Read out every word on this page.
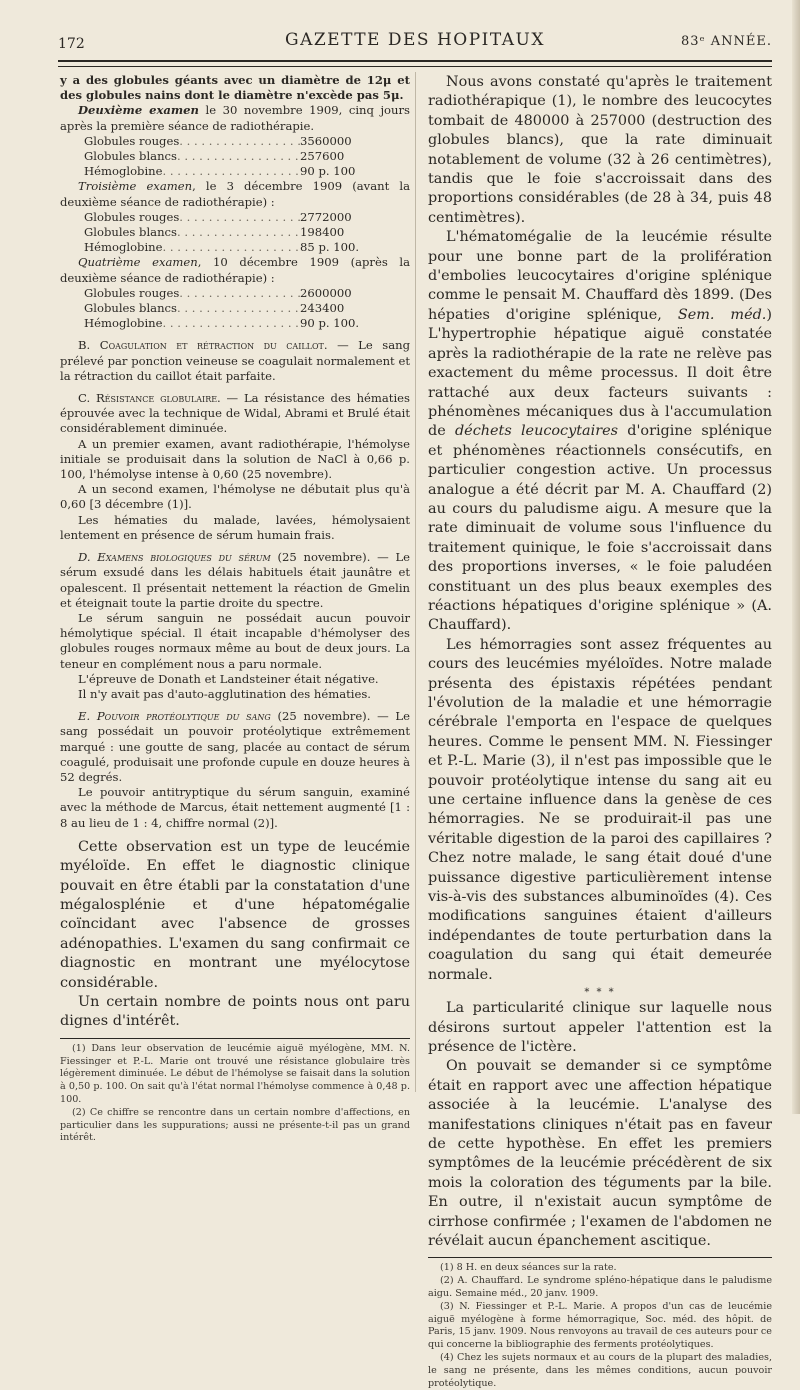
172	GAZETTE DES HOPITAUX	83ᵉ ANNÉE.

y a des globules géants avec un diamètre de 12μ et des globules nains dont le diamètre n'excède pas 5μ.

Deuxième examen le 30 novembre 1909, cinq jours après la première séance de radiothérapie.

Globules rouges . . .	3560000
Globules blancs . . .	257600
Hémoglobine . . .	90 p. 100

Troisième examen, le 3 décembre 1909 (avant la deuxième séance de radiothérapie) :

Globules rouges . . .	2772000
Globules blancs . . .	198400
Hémoglobine . . .	85 p. 100.

Quatrième examen, 10 décembre 1909 (après la deuxième séance de radiothérapie) :

Globules rouges . . .	2600000
Globules blancs . . .	243400
Hémoglobine . . .	90 p. 100.

B. Coagulation et rétraction du caillot. — Le sang prélevé par ponction veineuse se coagulait normalement et la rétraction du caillot était parfaite.

C. Résistance globulaire. — La résistance des hématies éprouvée avec la technique de Widal, Abrami et Brulé était considérablement diminuée.

A un premier examen, avant radiothérapie, l'hémolyse initiale se produisait dans la solution de NaCl à 0,66 p. 100, l'hémolyse intense à 0,60 (25 novembre).

A un second examen, l'hémolyse ne débutait plus qu'à 0,60 [3 décembre (1)].

Les hématies du malade, lavées, hémolysaient lentement en présence de sérum humain frais.

D. Examens biologiques du sérum (25 novembre). — Le sérum exsudé dans les délais habituels était jaunâtre et opalescent. Il présentait nettement la réaction de Gmelin et éteignait toute la partie droite du spectre.

Le sérum sanguin ne possédait aucun pouvoir hémolytique spécial. Il était incapable d'hémolyser des globules rouges normaux même au bout de deux jours. La teneur en complément nous a paru normale.

L'épreuve de Donath et Landsteiner était négative.

Il n'y avait pas d'auto-agglutination des hématies.

E. Pouvoir protéolytique du sang (25 novembre). — Le sang possédait un pouvoir protéolytique extrêmement marqué : une goutte de sang, placée au contact de sérum coagulé, produisait une profonde cupule en douze heures à 52 degrés.

Le pouvoir antitryptique du sérum sanguin, examiné avec la méthode de Marcus, était nettement augmenté [1 : 8 au lieu de 1 : 4, chiffre normal (2)].

Cette observation est un type de leucémie myéloïde. En effet le diagnostic clinique pouvait en être établi par la constatation d'une mégalosplénie et d'une hépatomégalie coïncidant avec l'absence de grosses adénopathies. L'examen du sang confirmait ce diagnostic en montrant une myélocytose considérable.

Un certain nombre de points nous ont paru dignes d'intérêt.

(1) Dans leur observation de leucémie aiguë myélogène, MM. N. Fiessinger et P.-L. Marie ont trouvé une résistance globulaire très légèrement diminuée. Le début de l'hémolyse se faisait dans la solution à 0,50 p. 100. On sait qu'à l'état normal l'hémolyse commence à 0,48 p. 100.

(2) Ce chiffre se rencontre dans un certain nombre d'affections, en particulier dans les suppurations; aussi ne présente-t-il pas un grand intérêt.

Nous avons constaté qu'après le traitement radiothérapique (1), le nombre des leucocytes tombait de 480000 à 257000 (destruction des globules blancs), que la rate diminuait notablement de volume (32 à 26 centimètres), tandis que le foie s'accroissait dans des proportions considérables (de 28 à 34, puis 48 centimètres).

L'hématomégalie de la leucémie résulte pour une bonne part de la prolifération d'embolies leucocytaires d'origine splénique comme le pensait M. Chauffard dès 1899. (Des hépaties d'origine splénique, Sem. méd.) L'hypertrophie hépatique aiguë constatée après la radiothérapie de la rate ne relève pas exactement du même processus. Il doit être rattaché aux deux facteurs suivants : phénomènes mécaniques dus à l'accumulation de déchets leucocytaires d'origine splénique et phénomènes réactionnels consécutifs, en particulier congestion active. Un processus analogue a été décrit par M. A. Chauffard (2) au cours du paludisme aigu. A mesure que la rate diminuait de volume sous l'influence du traitement quinique, le foie s'accroissait dans des proportions inverses, « le foie paludéen constituant un des plus beaux exemples des réactions hépatiques d'origine splénique » (A. Chauffard).

Les hémorragies sont assez fréquentes au cours des leucémies myéloïdes. Notre malade présenta des épistaxis répétées pendant l'évolution de la maladie et une hémorragie cérébrale l'emporta en l'espace de quelques heures. Comme le pensent MM. N. Fiessinger et P.-L. Marie (3), il n'est pas impossible que le pouvoir protéolytique intense du sang ait eu une certaine influence dans la genèse de ces hémorragies. Ne se produirait-il pas une véritable digestion de la paroi des capillaires ? Chez notre malade, le sang était doué d'une puissance digestive particulièrement intense vis-à-vis des substances albuminoïdes (4). Ces modifications sanguines étaient d'ailleurs indépendantes de toute perturbation dans la coagulation du sang qui était demeurée normale.

* * *

La particularité clinique sur laquelle nous désirons surtout appeler l'attention est la présence de l'ictère.

On pouvait se demander si ce symptôme était en rapport avec une affection hépatique associée à la leucémie. L'analyse des manifestations cliniques n'était pas en faveur de cette hypothèse. En effet les premiers symptômes de la leucémie précédèrent de six mois la coloration des téguments par la bile. En outre, il n'existait aucun symptôme de cirrhose confirmée ; l'examen de l'abdomen ne révélait aucun épanchement ascitique.

(1) 8 H. en deux séances sur la rate.

(2) A. Chauffard. Le syndrome spléno-hépatique dans le paludisme aigu. Semaine méd., 20 janv. 1909.

(3) N. Fiessinger et P.-L. Marie. A propos d'un cas de leucémie aiguë myélogène à forme hémorragique, Soc. méd. des hôpit. de Paris, 15 janv. 1909. Nous renvoyons au travail de ces auteurs pour ce qui concerne la bibliographie des ferments protéolytiques.

(4) Chez les sujets normaux et au cours de la plupart des maladies, le sang ne présente, dans les mêmes conditions, aucun pouvoir protéolytique.
